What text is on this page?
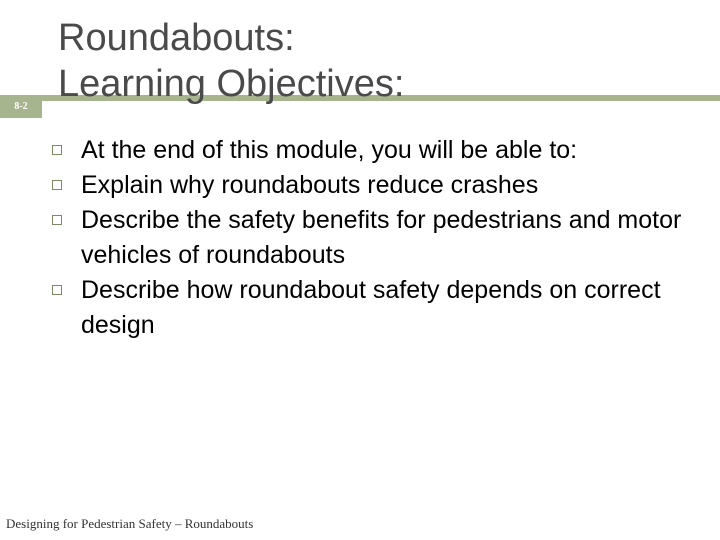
8-2
Roundabouts:
Learning Objectives:
At the end of this module, you will be able to:
Explain why roundabouts reduce crashes
Describe the safety benefits for pedestrians and motor vehicles of roundabouts
Describe how roundabout safety depends on correct design
Designing for Pedestrian Safety – Roundabouts
